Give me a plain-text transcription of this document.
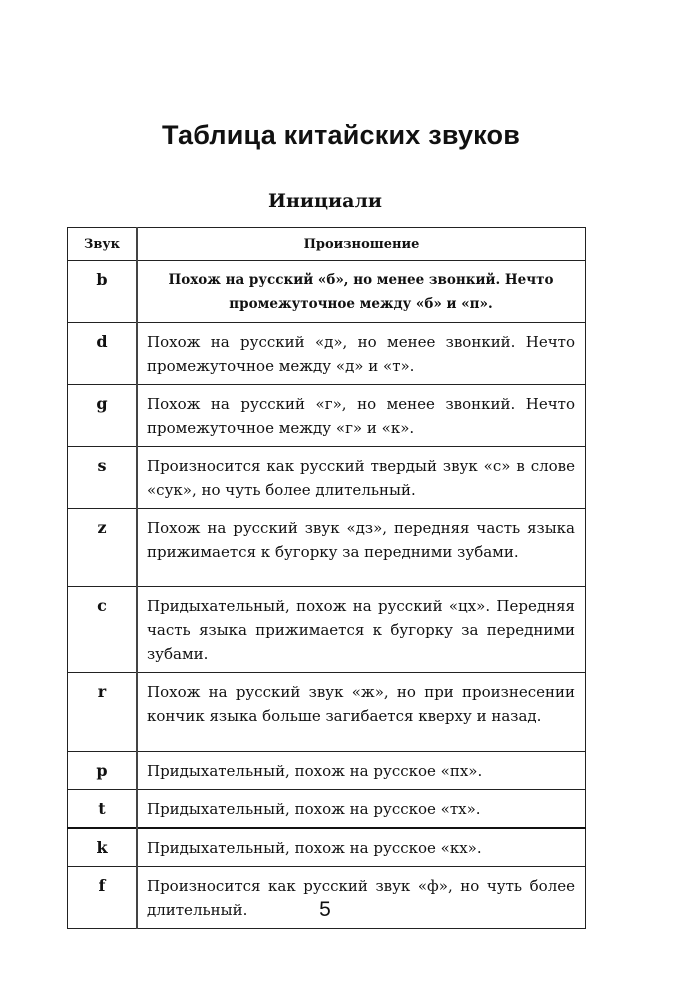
Таблица китайских звуков
Инициали
Звук	Произношение
b	Похож на русский «б», но менее звонкий. Нечто промежуточное между «б» и «п».
d	Похож на русский «д», но менее звонкий. Нечто промежуточное между «д» и «т».
g	Похож на русский «г», но менее звонкий. Нечто промежуточное между «г» и «к».
s	Произносится как русский твердый звук «с» в слове «сук», но чуть более длительный.
z	Похож на русский звук «дз», передняя часть языка прижимается к бугорку за передними зубами.
c	Придыхательный, похож на русский «цх». Передняя часть языка прижимается к бугорку за передними зубами.
r	Похож на русский звук «ж», но при произнесении кончик языка больше загибается кверху и назад.
p	Придыхательный, похож на русское «пх».
t	Придыхательный, похож на русское «тх».
k	Придыхательный, похож на русское «кх».
f	Произносится как русский звук «ф», но чуть более длительный.	5
